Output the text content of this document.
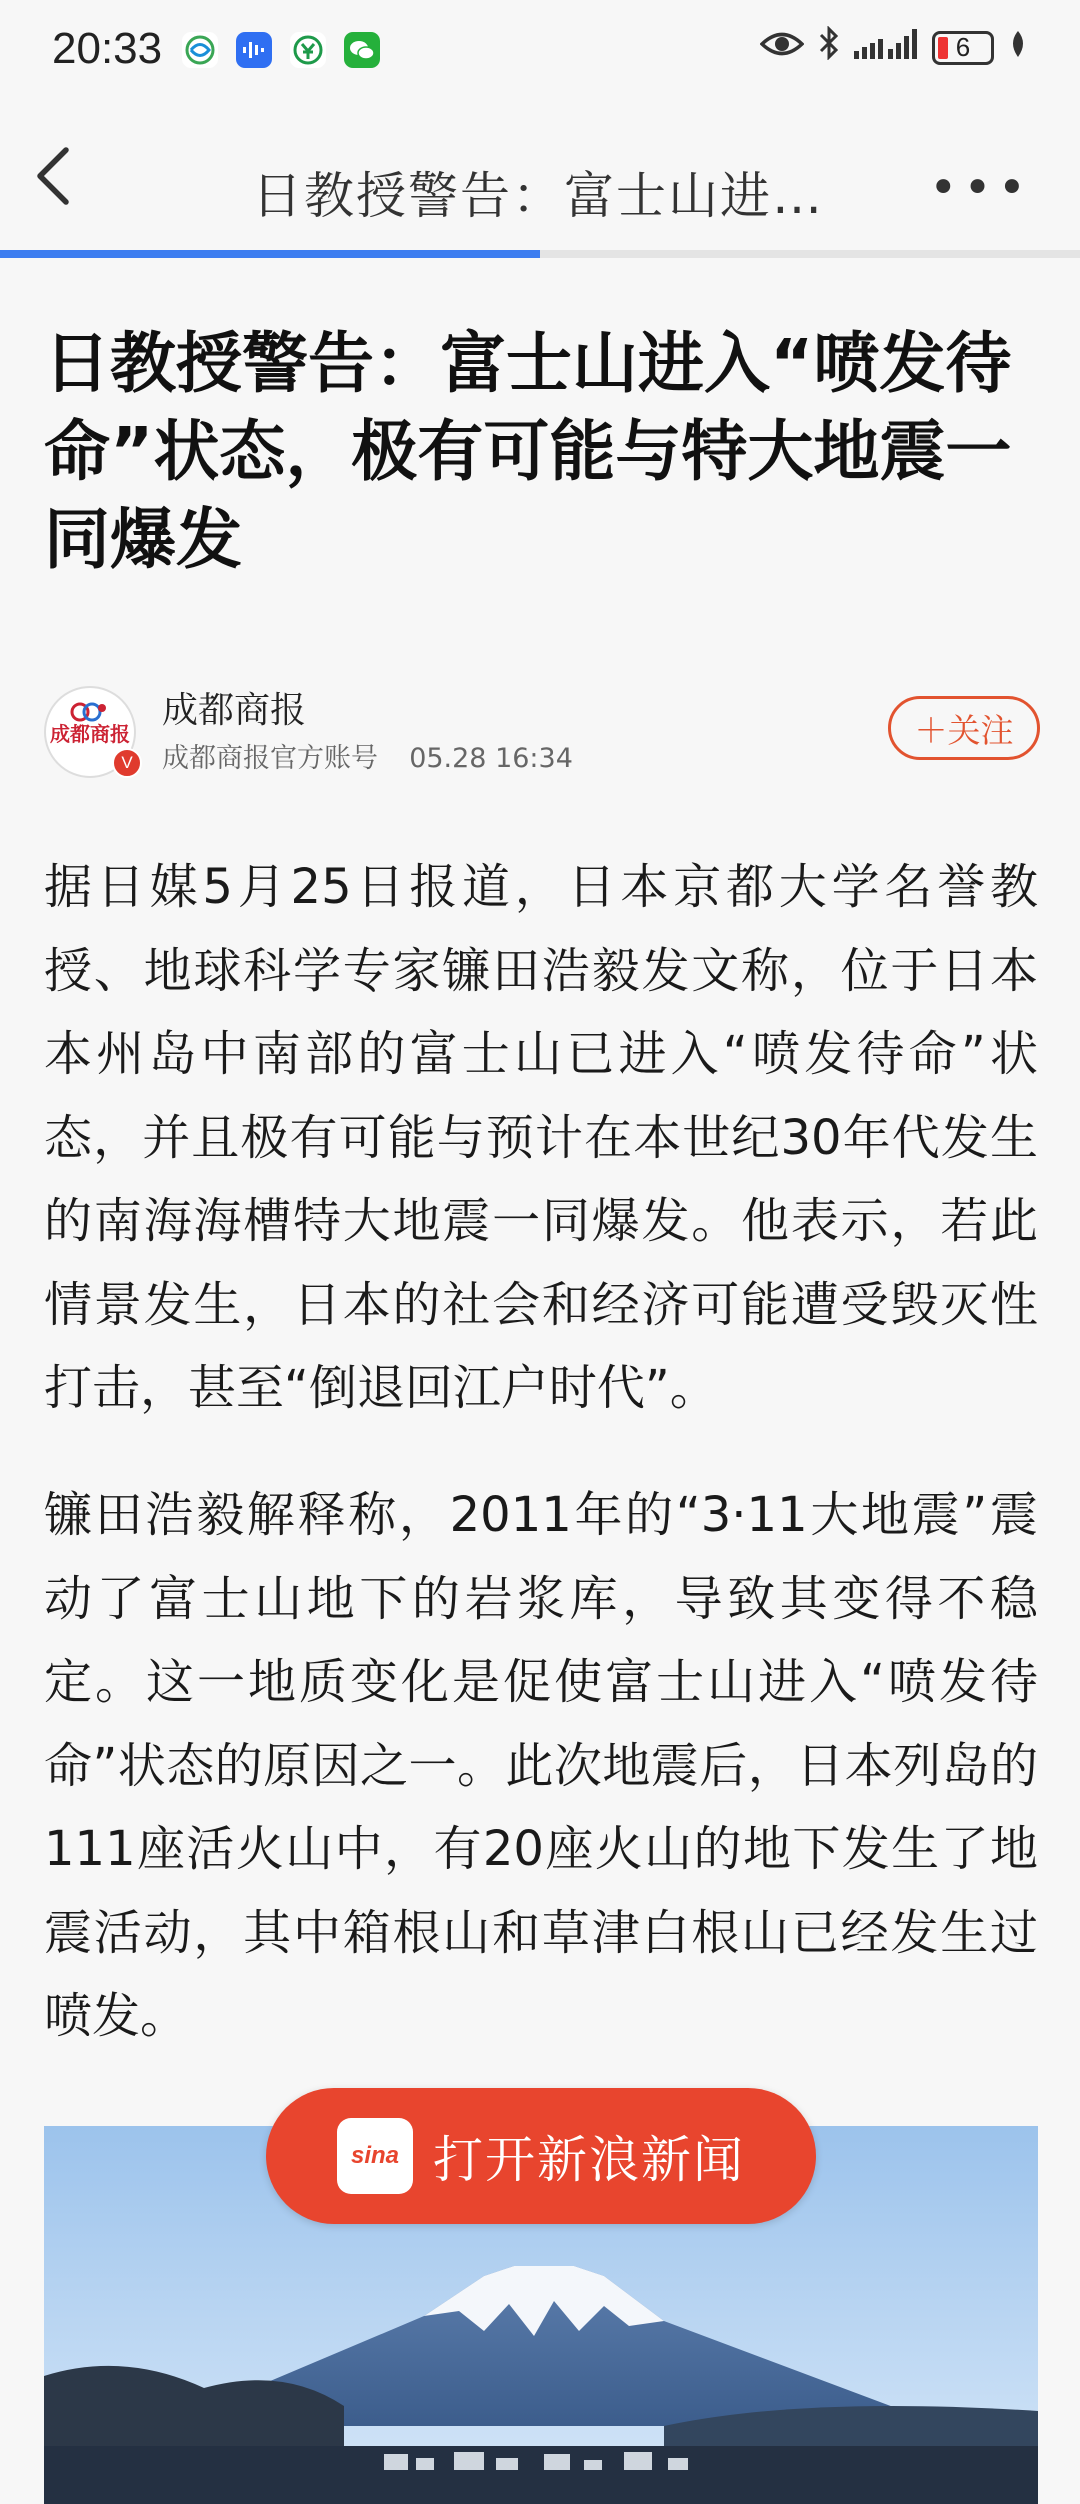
20:33	6
日教授警告：富士山进… •••
日教授警告：富士山进入“喷发待命”状态，极有可能与特大地震一同爆发
成都商报
V
成都商报
成都商报官方账号 05.28 16:34
＋关注

据日媒5月25日报道，日本京都大学名誉教授、地球科学专家镰田浩毅发文称，位于日本本州岛中南部的富士山已进入“喷发待命”状态，并且极有可能与预计在本世纪30年代发生的南海海槽特大地震一同爆发。他表示，若此情景发生，日本的社会和经济可能遭受毁灭性打击，甚至“倒退回江户时代”。

镰田浩毅解释称，2011年的“3·11大地震”震动了富士山地下的岩浆库，导致其变得不稳定。这一地质变化是促使富士山进入“喷发待命”状态的原因之一。此次地震后，日本列岛的111座活火山中，有20座火山的地下发生了地震活动，其中箱根山和草津白根山已经发生过喷发。

sina 打开新浪新闻
